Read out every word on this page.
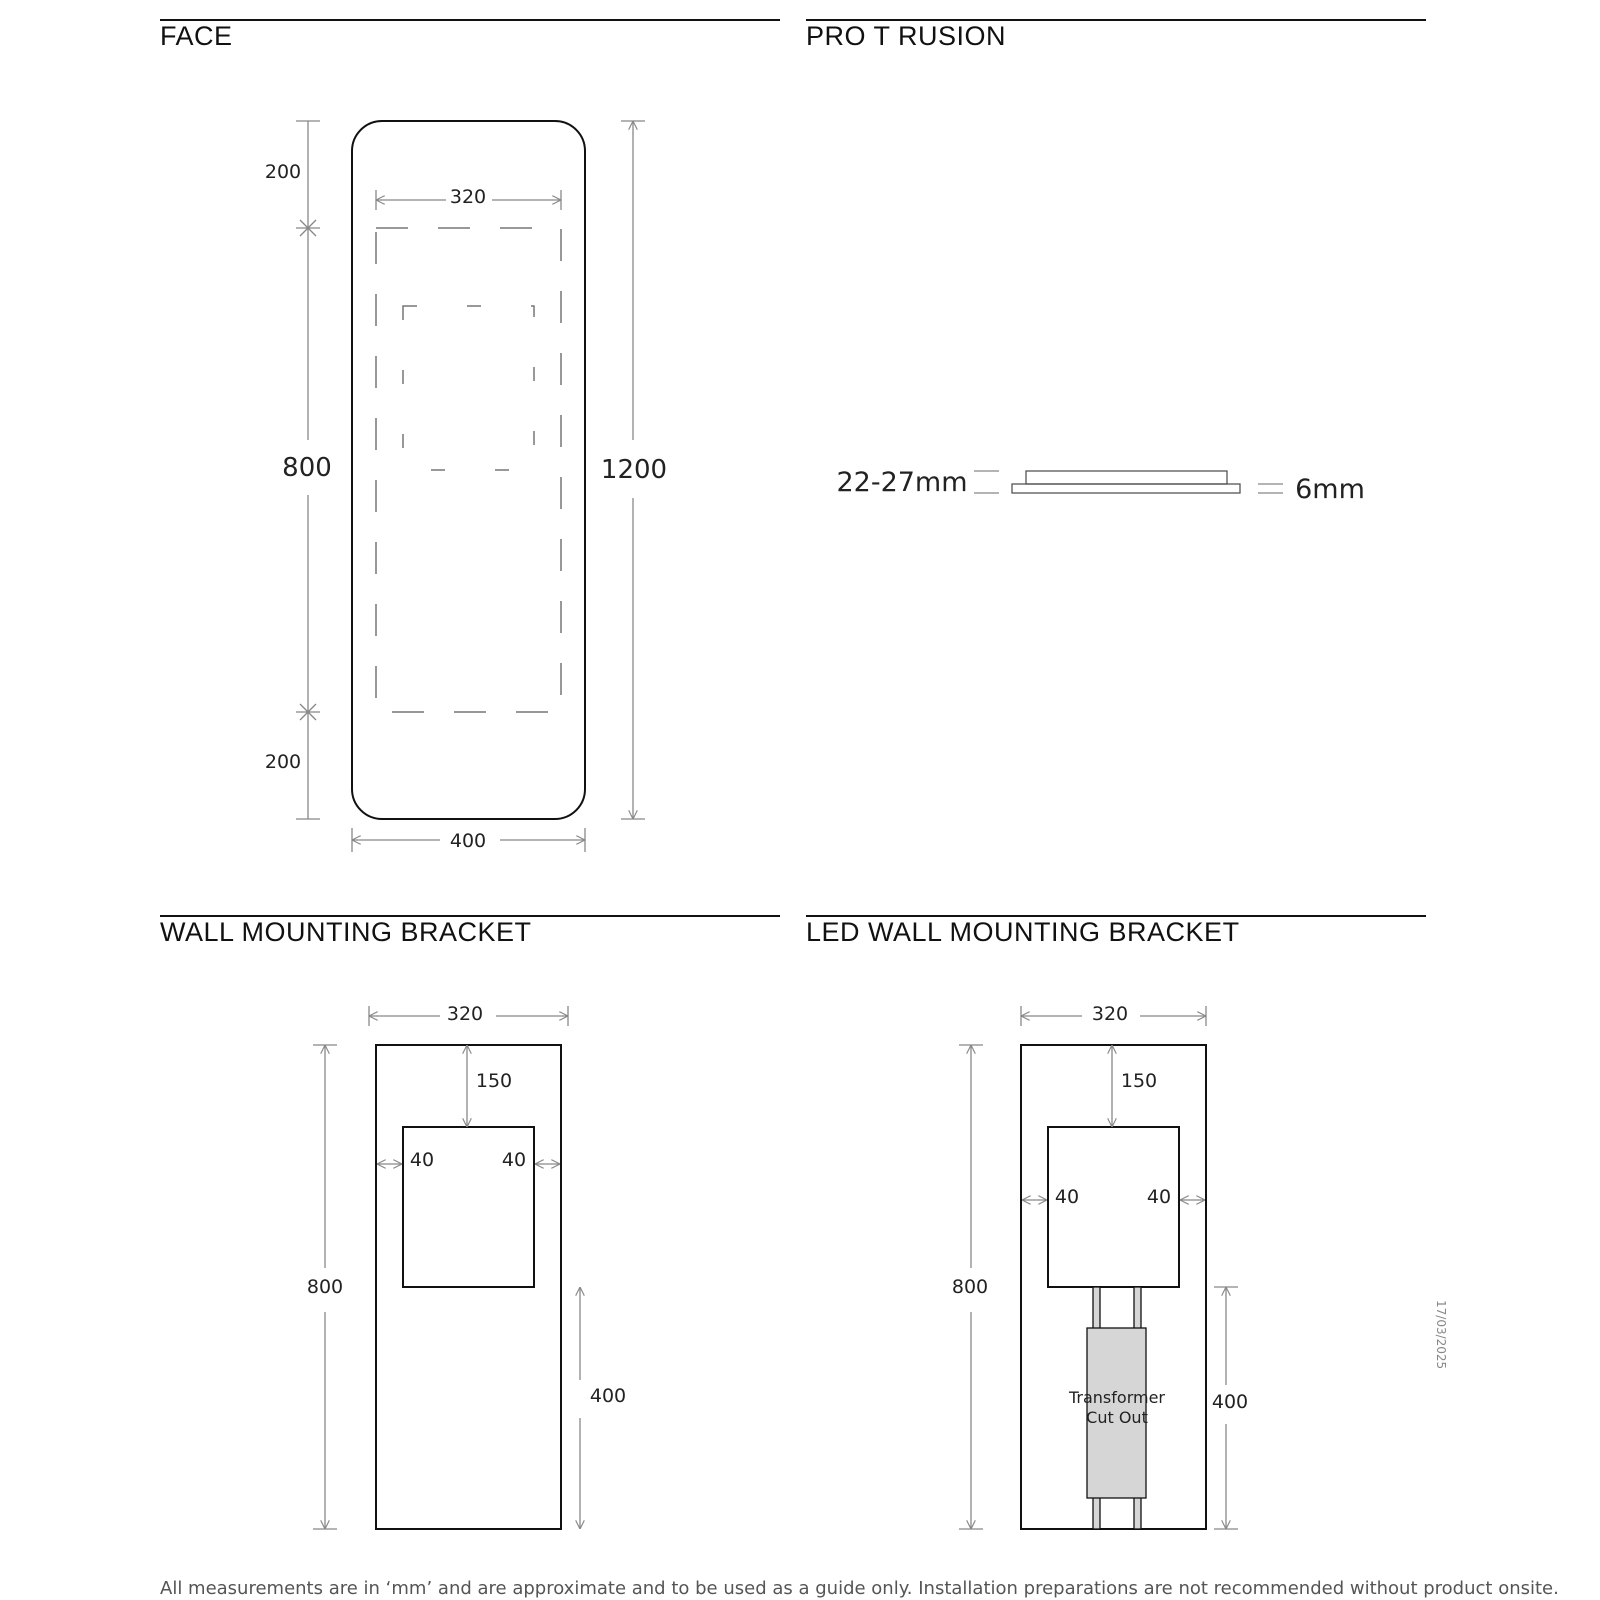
FACE	PRO T RUSION
WALL MOUNTING BRACKET	LED WALL MOUNTING BRACKET
320
400
200
800
200
1200	22-27mm	6mm
320
150
40	40
800
400	Transformer
Cut Out
320
150
40	40
800
400
17/03/2025
All measurements are in ‘mm’ and are approximate and to be used as a guide only. Installation preparations are not recommended without product onsite.
